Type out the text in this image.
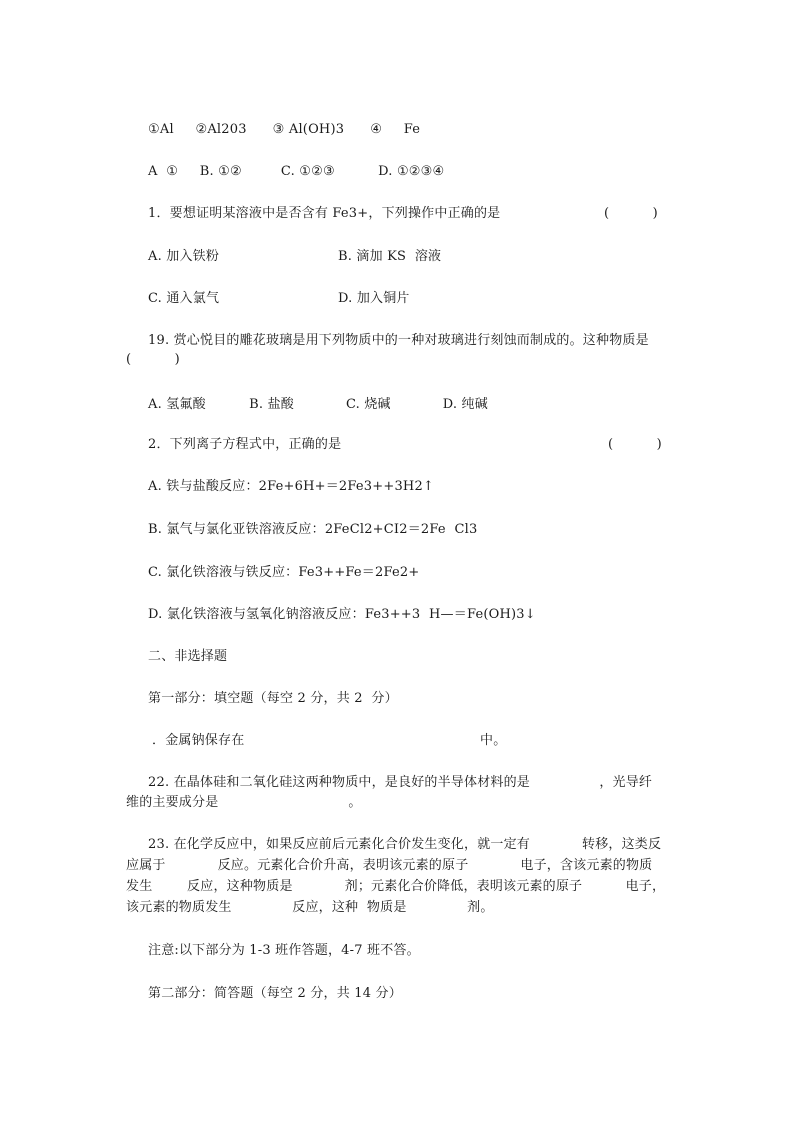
①Al     ②Al203      ③ Al(OH)3      ④     Fe
A  ①     B. ①②         C. ①②③          D. ①②③④
1．要想证明某溶液中是否含有 Fe3+，下列操作中正确的是	(          )
A. 加入铁粉	B. 滴加 KS  溶液
C. 通入氯气	D. 加入铜片
19. 赏心悦目的雕花玻璃是用下列物质中的一种对玻璃进行刻蚀而制成的。这种物质是
(          )
A. 氢氟酸          B. 盐酸            C. 烧碱            D. 纯碱
2．下列离子方程式中，正确的是	(          )
A. 铁与盐酸反应：2Fe+6H+＝2Fe3++3H2↑
B. 氯气与氯化亚铁溶液反应：2FeCl2+CI2＝2Fe  Cl3
C. 氯化铁溶液与铁反应：Fe3++Fe＝2Fe2+
D. 氯化铁溶液与氢氧化钠溶液反应：Fe3++3  H—＝Fe(OH)3↓
二、非选择题
第一部分：填空题（每空 2 分，共 2  分）
．金属钠保存在	中。
22. 在晶体硅和二氧化硅这两种物质中，是良好的半导体材料的是                ，光导纤
维的主要成分是                              。
23. 在化学反应中，如果反应前后元素化合价发生变化，就一定有            转移，这类反
应属于            反应。元素化合价升高，表明该元素的原子            电子，含该元素的物质
发生        反应，这种物质是            剂；元素化合价降低，表明该元素的原子          电子，
该元素的物质发生              反应，这种  物质是              剂。
注意:以下部分为 1-3 班作答题，4-7 班不答。
第二部分：简答题（每空 2 分，共 14 分）
